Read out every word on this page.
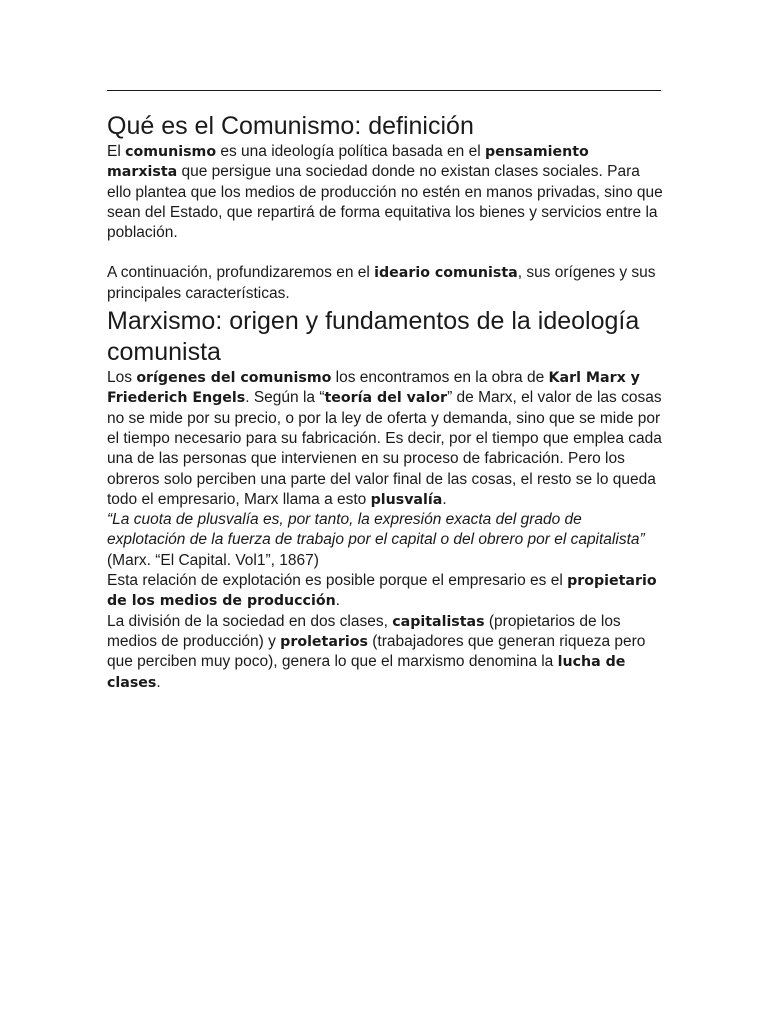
Qué es el Comunismo: definición

El comunismo es una ideología política basada en el pensamiento marxista que persigue una sociedad donde no existan clases sociales. Para ello plantea que los medios de producción no estén en manos privadas, sino que sean del Estado, que repartirá de forma equitativa los bienes y servicios entre la población.

A continuación, profundizaremos en el ideario comunista, sus orígenes y sus principales características.

Marxismo: origen y fundamentos de la ideología comunista

Los orígenes del comunismo los encontramos en la obra de Karl Marx y Friederich Engels. Según la “teoría del valor” de Marx, el valor de las cosas no se mide por su precio, o por la ley de oferta y demanda, sino que se mide por el tiempo necesario para su fabricación. Es decir, por el tiempo que emplea cada una de las personas que intervienen en su proceso de fabricación. Pero los obreros solo perciben una parte del valor final de las cosas, el resto se lo queda todo el empresario, Marx llama a esto plusvalía.

“La cuota de plusvalía es, por tanto, la expresión exacta del grado de explotación de la fuerza de trabajo por el capital o del obrero por el capitalista” (Marx. “El Capital. Vol1”, 1867)

Esta relación de explotación es posible porque el empresario es el propietario de los medios de producción.

La división de la sociedad en dos clases, capitalistas (propietarios de los medios de producción) y proletarios (trabajadores que generan riqueza pero que perciben muy poco), genera lo que el marxismo denomina la lucha de clases.
